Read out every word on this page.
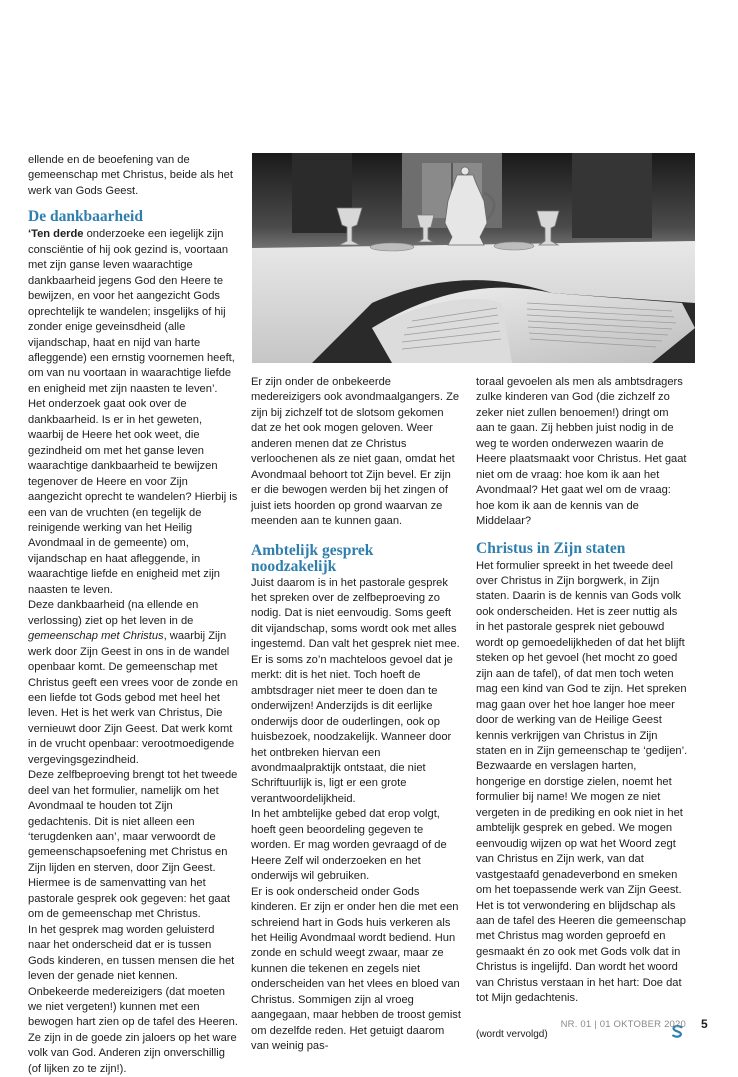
ellende en de beoefening van de gemeenschap met Christus, beide als het werk van Gods Geest.

De dankbaarheid

‘Ten derde onderzoeke een iegelijk zijn consciëntie of hij ook gezind is, voortaan met zijn ganse leven waarachtige dankbaarheid jegens God den Heere te bewijzen, en voor het aangezicht Gods oprechtelijk te wandelen; insgelijks of hij zonder enige geveinsdheid (alle vijandschap, haat en nijd van harte afleggende) een ernstig voornemen heeft, om van nu voortaan in waarachtige liefde en enigheid met zijn naasten te leven’.

Het onderzoek gaat ook over de dankbaarheid. Is er in het geweten, waarbij de Heere het ook weet, die gezindheid om met het ganse leven waarachtige dankbaarheid te bewijzen tegenover de Heere en voor Zijn aangezicht oprecht te wandelen? Hierbij is een van de vruchten (en tegelijk de reinigende werking van het Heilig Avondmaal in de gemeente) om, vijandschap en haat afleggende, in waarachtige liefde en enigheid met zijn naasten te leven.

Deze dankbaarheid (na ellende en verlossing) ziet op het leven in de gemeenschap met Christus, waarbij Zijn werk door Zijn Geest in ons in de wandel openbaar komt. De gemeenschap met Christus geeft een vrees voor de zonde en een liefde tot Gods gebod met heel het leven. Het is het werk van Christus, Die vernieuwt door Zijn Geest. Dat werk komt in de vrucht openbaar: verootmoedigende vergevingsgezindheid.

Deze zelfbeproeving brengt tot het tweede deel van het formulier, namelijk om het Avondmaal te houden tot Zijn gedachtenis. Dit is niet alleen een ‘terugdenken aan’, maar verwoordt de gemeenschapsoefening met Christus en Zijn lijden en sterven, door Zijn Geest. Hiermee is de samenvatting van het pastorale gesprek ook gegeven: het gaat om de gemeenschap met Christus.

In het gesprek mag worden geluisterd naar het onderscheid dat er is tussen Gods kinderen, en tussen mensen die het leven der genade niet kennen. Onbekeerde medereizigers (dat moeten we niet vergeten!) kunnen met een bewogen hart zien op de tafel des Heeren. Ze zijn in de goede zin jaloers op het ware volk van God. Anderen zijn onverschillig (of lijken zo te zijn!).

Er zijn onder de onbekeerde medereizigers ook avondmaalgangers. Ze zijn bij zichzelf tot de slotsom gekomen dat ze het ook mogen geloven. Weer anderen menen dat ze Christus verloochenen als ze niet gaan, omdat het Avondmaal behoort tot Zijn bevel. Er zijn er die bewogen werden bij het zingen of juist iets hoorden op grond waarvan ze meenden aan te kunnen gaan.

Ambtelijk gesprek noodzakelijk

Juist daarom is in het pastorale gesprek het spreken over de zelfbeproeving zo nodig. Dat is niet eenvoudig. Soms geeft dit vijandschap, soms wordt ook met alles ingestemd. Dan valt het gesprek niet mee. Er is soms zo’n machteloos gevoel dat je merkt: dit is het niet. Toch hoeft de ambtsdrager niet meer te doen dan te onderwijzen! Anderzijds is dit eerlijke onderwijs door de ouderlingen, ook op huisbezoek, noodzakelijk. Wanneer door het ontbreken hiervan een avondmaalpraktijk ontstaat, die niet Schriftuurlijk is, ligt er een grote verantwoordelijkheid.

In het ambtelijke gebed dat erop volgt, hoeft geen beoordeling gegeven te worden. Er mag worden gevraagd of de Heere Zelf wil onderzoeken en het onderwijs wil gebruiken.

Er is ook onderscheid onder Gods kinderen. Er zijn er onder hen die met een schreiend hart in Gods huis verkeren als het Heilig Avondmaal wordt bediend. Hun zonde en schuld weegt zwaar, maar ze kunnen die tekenen en zegels niet onderscheiden van het vlees en bloed van Christus. Sommigen zijn al vroeg aangegaan, maar hebben de troost gemist om dezelfde reden. Het getuigt daarom van weinig pas-

toraal gevoelen als men als ambtsdragers zulke kinderen van God (die zichzelf zo zeker niet zullen benoemen!) dringt om aan te gaan. Zij hebben juist nodig in de weg te worden onderwezen waarin de Heere plaatsmaakt voor Christus. Het gaat niet om de vraag: hoe kom ik aan het Avondmaal? Het gaat wel om de vraag: hoe kom ik aan de kennis van de Middelaar?

Christus in Zijn staten

Het formulier spreekt in het tweede deel over Christus in Zijn borgwerk, in Zijn staten. Daarin is de kennis van Gods volk ook onderscheiden. Het is zeer nuttig als in het pastorale gesprek niet gebouwd wordt op gemoedelijkheden of dat het blijft steken op het gevoel (het mocht zo goed zijn aan de tafel), of dat men toch weten mag een kind van God te zijn. Het spreken mag gaan over het hoe langer hoe meer door de werking van de Heilige Geest kennis verkrijgen van Christus in Zijn staten en in Zijn gemeenschap te ‘gedijen’.

Bezwaarde en verslagen harten, hongerige en dorstige zielen, noemt het formulier bij name! We mogen ze niet vergeten in de prediking en ook niet in het ambtelijk gesprek en gebed. We mogen eenvoudig wijzen op wat het Woord zegt van Christus en Zijn werk, van dat vastgestaafd genadeverbond en smeken om het toepassende werk van Zijn Geest.

Het is tot verwondering en blijdschap als aan de tafel des Heeren die gemeenschap met Christus mag worden geproefd en gesmaakt én zo ook met Gods volk dat in Christus is ingelijfd. Dan wordt het woord van Christus verstaan in het hart: Doe dat tot Mijn gedachtenis.

(wordt vervolgd)
NR. 01 | 01 OKTOBER 2020 5
